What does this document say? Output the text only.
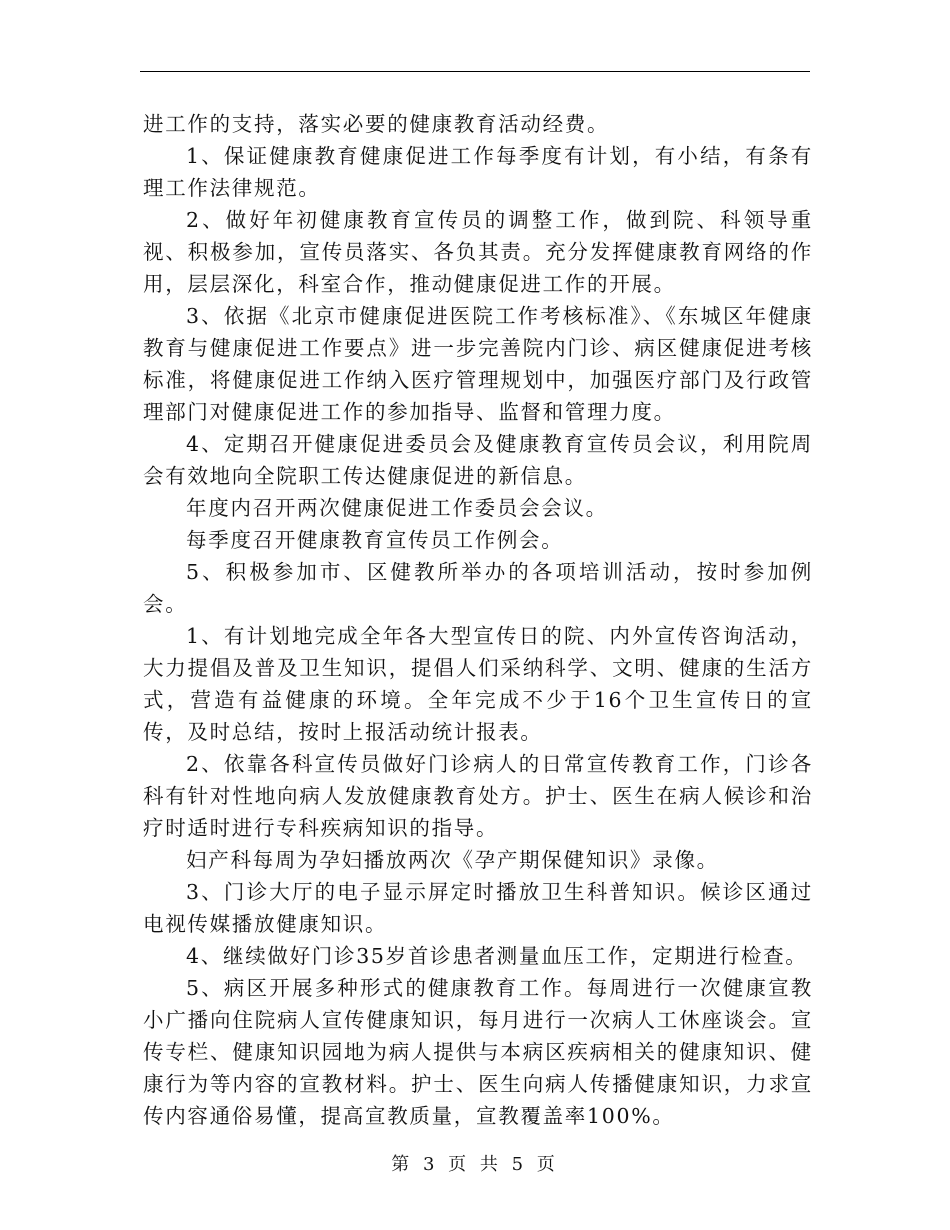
进工作的支持，落实必要的健康教育活动经费。

1、保证健康教育健康促进工作每季度有计划，有小结，有条有理工作法律规范。

2、做好年初健康教育宣传员的调整工作，做到院、科领导重视、积极参加，宣传员落实、各负其责。充分发挥健康教育网络的作用，层层深化，科室合作，推动健康促进工作的开展。

3、依据《北京市健康促进医院工作考核标准》、《东城区年健康教育与健康促进工作要点》进一步完善院内门诊、病区健康促进考核标准，将健康促进工作纳入医疗管理规划中，加强医疗部门及行政管理部门对健康促进工作的参加指导、监督和管理力度。

4、定期召开健康促进委员会及健康教育宣传员会议，利用院周会有效地向全院职工传达健康促进的新信息。

年度内召开两次健康促进工作委员会会议。

每季度召开健康教育宣传员工作例会。

5、积极参加市、区健教所举办的各项培训活动，按时参加例会。

1、有计划地完成全年各大型宣传日的院、内外宣传咨询活动，大力提倡及普及卫生知识，提倡人们采纳科学、文明、健康的生活方式，营造有益健康的环境。全年完成不少于16个卫生宣传日的宣传，及时总结，按时上报活动统计报表。

2、依靠各科宣传员做好门诊病人的日常宣传教育工作，门诊各科有针对性地向病人发放健康教育处方。护士、医生在病人候诊和治疗时适时进行专科疾病知识的指导。

妇产科每周为孕妇播放两次《孕产期保健知识》录像。

3、门诊大厅的电子显示屏定时播放卫生科普知识。候诊区通过电视传媒播放健康知识。

4、继续做好门诊35岁首诊患者测量血压工作，定期进行检查。

5、病区开展多种形式的健康教育工作。每周进行一次健康宣教小广播向住院病人宣传健康知识，每月进行一次病人工休座谈会。宣传专栏、健康知识园地为病人提供与本病区疾病相关的健康知识、健康行为等内容的宣教材料。护士、医生向病人传播健康知识，力求宣传内容通俗易懂，提高宣教质量，宣教覆盖率100%。

第 3 页 共 5 页
